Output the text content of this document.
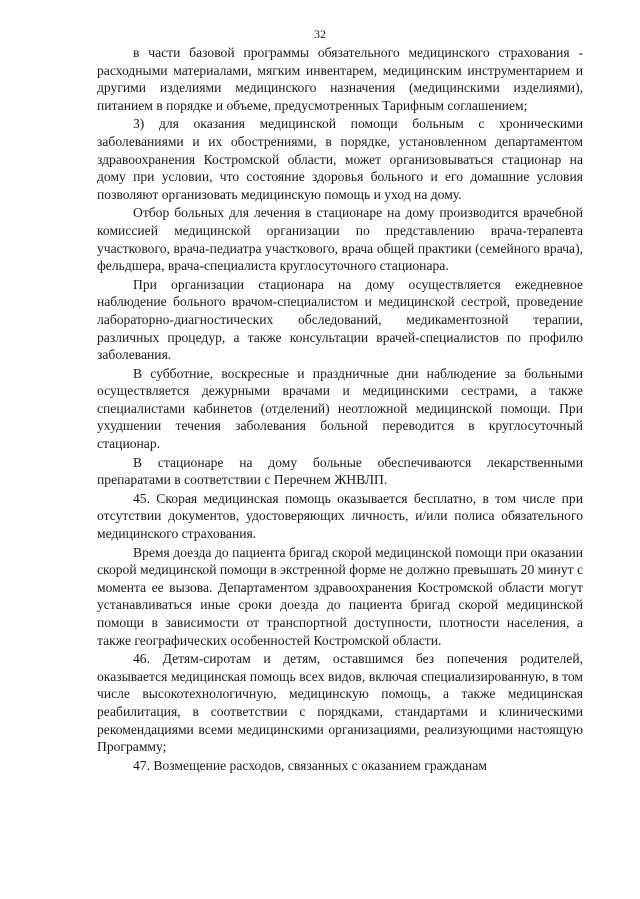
32

в части базовой программы обязательного медицинского страхования - расходными материалами, мягким инвентарем, медицинским инструментарием и другими изделиями медицинского назначения (медицинскими изделиями), питанием в порядке и объеме, предусмотренных Тарифным соглашением;

3) для оказания медицинской помощи больным с хроническими заболеваниями и их обострениями, в порядке, установленном департаментом здравоохранения Костромской области, может организовываться стационар на дому при условии, что состояние здоровья больного и его домашние условия позволяют организовать медицинскую помощь и уход на дому.

Отбор больных для лечения в стационаре на дому производится врачебной комиссией медицинской организации по представлению врача-терапевта участкового, врача-педиатра участкового, врача общей практики (семейного врача), фельдшера, врача-специалиста круглосуточного стационара.

При организации стационара на дому осуществляется ежедневное наблюдение больного врачом-специалистом и медицинской сестрой, проведение лабораторно-диагностических обследований, медикаментозной терапии, различных процедур, а также консультации врачей-специалистов по профилю заболевания.

В субботние, воскресные и праздничные дни наблюдение за больными осуществляется дежурными врачами и медицинскими сестрами, а также специалистами кабинетов (отделений) неотложной медицинской помощи. При ухудшении течения заболевания больной переводится в круглосуточный стационар.

В стационаре на дому больные обеспечиваются лекарственными препаратами в соответствии с Перечнем ЖНВЛП.

45. Скорая медицинская помощь оказывается бесплатно, в том числе при отсутствии документов, удостоверяющих личность, и/или полиса обязательного медицинского страхования.

Время доезда до пациента бригад скорой медицинской помощи при оказании скорой медицинской помощи в экстренной форме не должно превышать 20 минут с момента ее вызова. Департаментом здравоохранения Костромской области могут устанавливаться иные сроки доезда до пациента бригад скорой медицинской помощи в зависимости от транспортной доступности, плотности населения, а также географических особенностей Костромской области.

46. Детям-сиротам и детям, оставшимся без попечения родителей, оказывается медицинская помощь всех видов, включая специализированную, в том числе высокотехнологичную, медицинскую помощь, а также медицинская реабилитация, в соответствии с порядками, стандартами и клиническими рекомендациями всеми медицинскими организациями, реализующими настоящую Программу;

47. Возмещение расходов, связанных с оказанием гражданам
